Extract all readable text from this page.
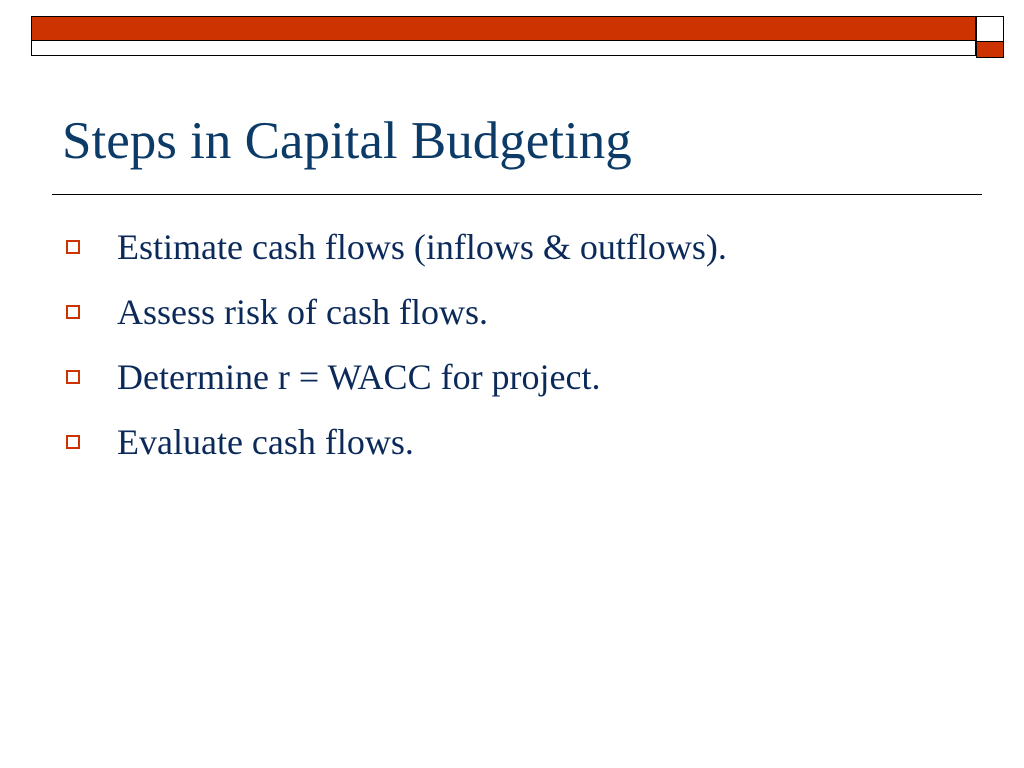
Steps in Capital Budgeting
Estimate cash flows (inflows & outflows).
Assess risk of cash flows.
Determine r = WACC for project.
Evaluate cash flows.
